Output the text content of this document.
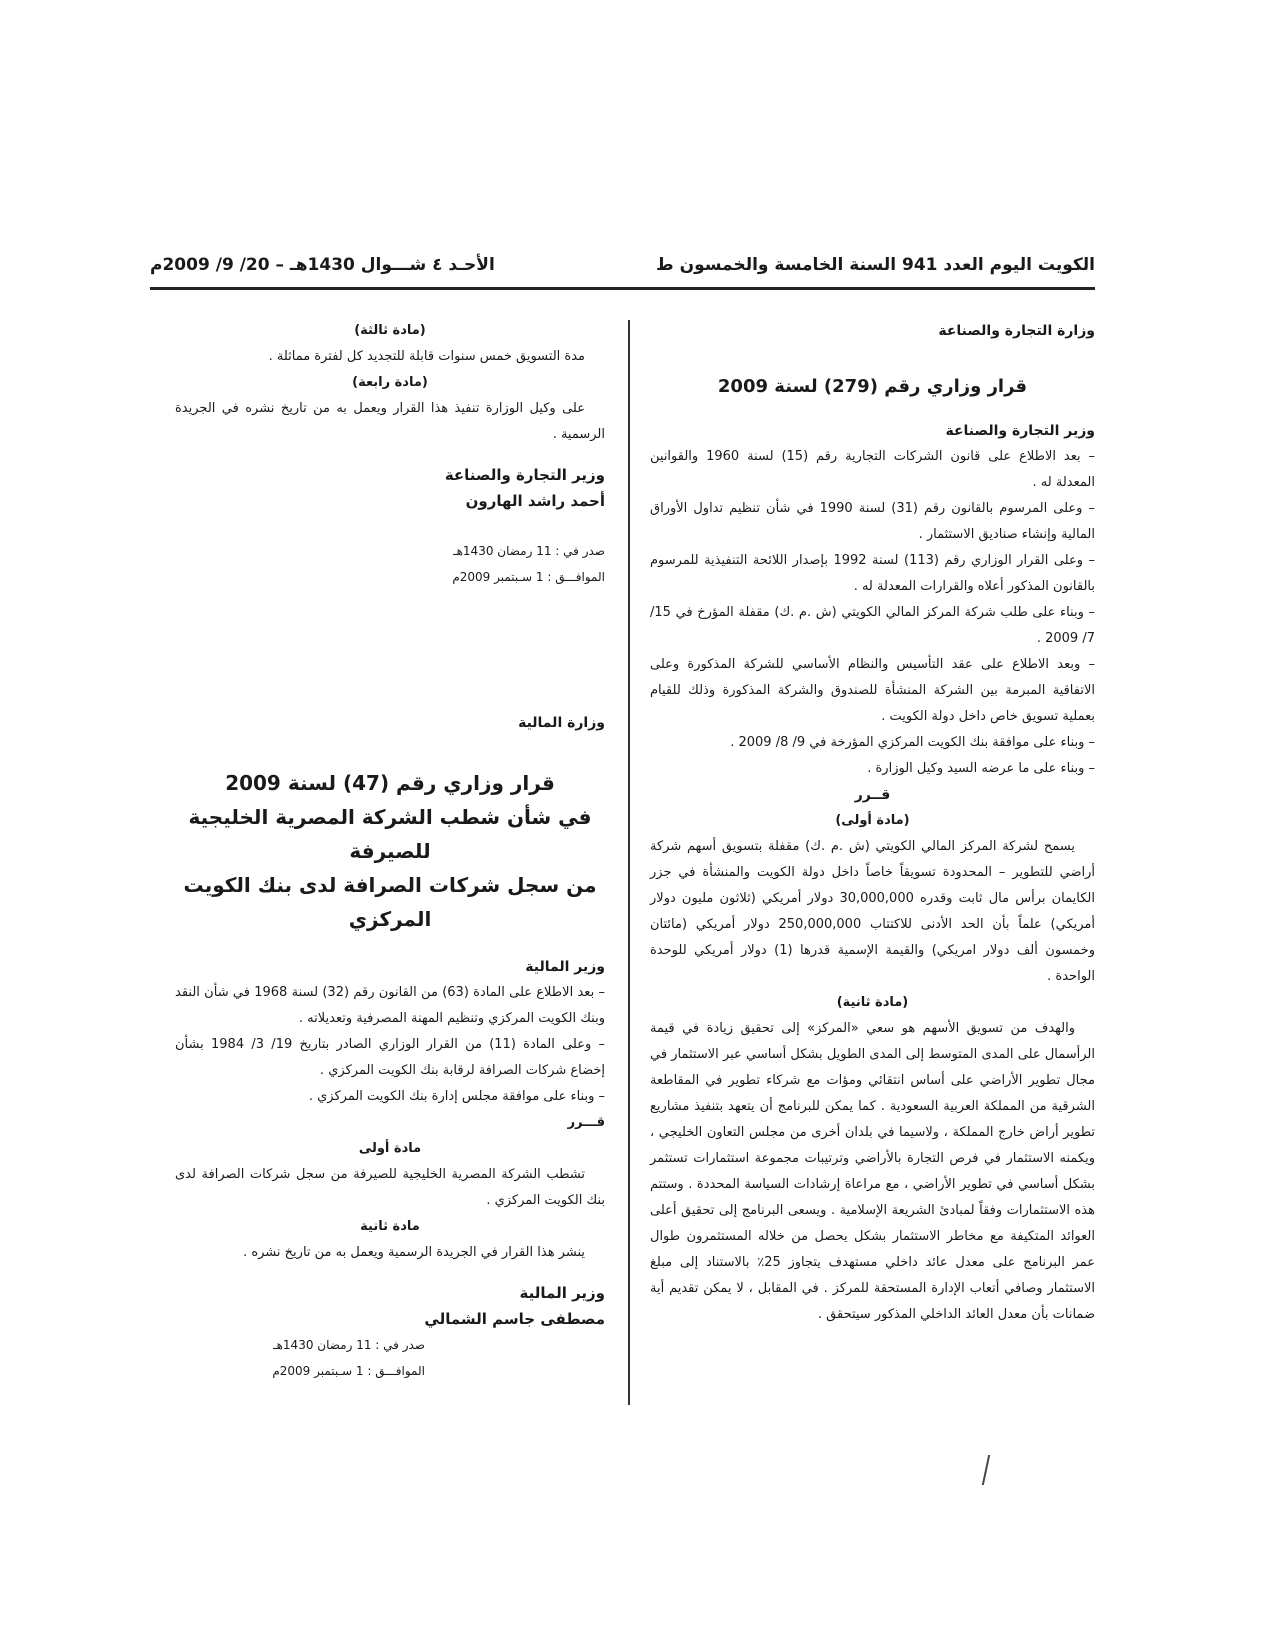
الأحـد ٤ شـــوال 1430هـ – 20/ 9/ 2009م	الكويت اليوم العدد 941 السنة الخامسة والخمسون ط
وزارة التجارة والصناعة
قرار وزاري رقم (279) لسنة 2009
وزير التجارة والصناعة
– بعد الاطلاع على قانون الشركات التجارية رقم (15) لسنة 1960 والقوانين المعدلة له .
– وعلى المرسوم بالقانون رقم (31) لسنة 1990 في شأن تنظيم تداول الأوراق المالية وإنشاء صناديق الاستثمار .
– وعلى القرار الوزاري رقم (113) لسنة 1992 بإصدار اللائحة التنفيذية للمرسوم بالقانون المذكور أعلاه والقرارات المعدلة له .
– وبناء على طلب شركة المركز المالي الكويتي (ش .م .ك) مقفلة المؤرخ في 15/ 7/ 2009 .
– وبعد الاطلاع على عقد التأسيس والنظام الأساسي للشركة المذكورة وعلى الاتفاقية المبرمة بين الشركة المنشأة للصندوق والشركة المذكورة وذلك للقيام بعملية تسويق خاص داخل دولة الكويت .
– وبناء على موافقة بنك الكويت المركزي المؤرخة في 9/ 8/ 2009 .
– وبناء على ما عرضه السيد وكيل الوزارة .
قــرر
(مادة أولى)
يسمح لشركة المركز المالي الكويتي (ش .م .ك) مقفلة بتسويق أسهم شركة أراضي للتطوير – المحدودة تسويقاً خاصاً داخل دولة الكويت والمنشأة في جزر الكايمان برأس مال ثابت وقدره 30,000,000 دولار أمريكي (ثلاثون مليون دولار أمريكي) علماً بأن الحد الأدنى للاكتتاب 250,000,000 دولار أمريكي (مائتان وخمسون ألف دولار امريكي) والقيمة الإسمية قدرها (1) دولار أمريكي للوحدة الواحدة .
(مادة ثانية)
والهدف من تسويق الأسهم هو سعي «المركز» إلى تحقيق زيادة في قيمة الرأسمال على المدى المتوسط إلى المدى الطويل بشكل أساسي عبر الاستثمار في مجال تطوير الأراضي على أساس انتقائي ومؤات مع شركاء تطوير في المقاطعة الشرقية من المملكة العربية السعودية . كما يمكن للبرنامج أن يتعهد بتنفيذ مشاريع تطوير أراض خارج المملكة ، ولاسيما في بلدان أخرى من مجلس التعاون الخليجي ، ويكمنه الاستثمار في فرص التجارة بالأراضي وترتيبات مجموعة استثمارات تستثمر بشكل أساسي في تطوير الأراضي ، مع مراعاة إرشادات السياسة المحددة . وستتم هذه الاستثمارات وفقاً لمبادئ الشريعة الإسلامية . ويسعى البرنامج إلى تحقيق أعلى العوائد المتكيفة مع مخاطر الاستثمار بشكل يحصل من خلاله المستثمرون طوال عمر البرنامج على معدل عائد داخلي مستهدف يتجاوز 25٪ بالاستناد إلى مبلغ الاستثمار وصافي أتعاب الإدارة المستحقة للمركز . في المقابل ، لا يمكن تقديم أية ضمانات بأن معدل العائد الداخلي المذكور سيتحقق .
(مادة ثالثة)
مدة التسويق خمس سنوات قابلة للتجديد كل لفترة مماثلة .
(مادة رابعة)
على وكيل الوزارة تنفيذ هذا القرار ويعمل به من تاريخ نشره في الجريدة الرسمية .
وزير التجارة والصناعة
أحمد راشد الهارون
صدر في : 11 رمضان 1430هـ
الموافـــق : 1 سـبتمبر 2009م
وزارة المالية
قرار وزاري رقم (47) لسنة 2009
في شأن شطب الشركة المصرية الخليجية للصيرفة
من سجل شركات الصرافة لدى بنك الكويت المركزي
وزير المالية
– بعد الاطلاع على المادة (63) من القانون رقم (32) لسنة 1968 في شأن النقد وبنك الكويت المركزي وتنظيم المهنة المصرفية وتعديلاته .
– وعلى المادة (11) من القرار الوزاري الصادر بتاريخ 19/ 3/ 1984 بشأن إخضاع شركات الصرافة لرقابة بنك الكويت المركزي .
– وبناء على موافقة مجلس إدارة بنك الكويت المركزي .
قـــرر
مادة أولى
تشطب الشركة المصرية الخليجية للصيرفة من سجل شركات الصرافة لدى بنك الكويت المركزي .
مادة ثانية
ينشر هذا القرار في الجريدة الرسمية ويعمل به من تاريخ نشره .
وزير المالية
مصطفى جاسم الشمالي
صدر في : 11 رمضان 1430هـ
الموافـــق : 1 سـبتمبر 2009م
